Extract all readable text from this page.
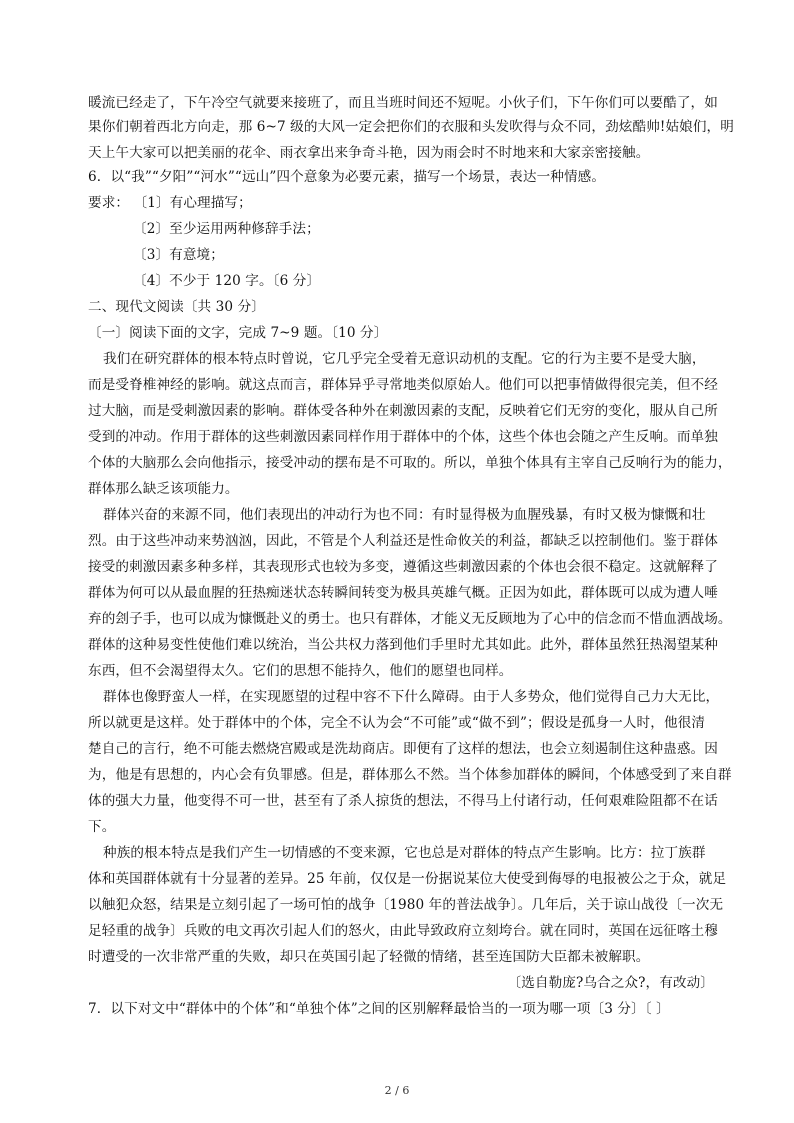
暖流已经走了，下午冷空气就要来接班了，而且当班时间还不短呢。小伙子们，下午你们可以要酷了，如
果你们朝着西北方向走，那 6~7 级的大风一定会把你们的衣服和头发吹得与众不同，劲炫酷帅!姑娘们，明
天上午大家可以把美丽的花伞、雨衣拿出来争奇斗艳，因为雨会时不时地来和大家亲密接触。
6．以“我”“夕阳”“河水”“远山”四个意象为必要元素，描写一个场景，表达一种情感。
要求： 〔1〕有心理描写；
〔2〕至少运用两种修辞手法；
〔3〕有意境；
〔4〕不少于 120 字。〔6 分〕
二、现代文阅读〔共 30 分〕
〔一〕阅读下面的文字，完成 7~9 题。〔10 分〕
我们在研究群体的根本特点时曾说，它几乎完全受着无意识动机的支配。它的行为主要不是受大脑，
而是受脊椎神经的影响。就这点而言，群体异乎寻常地类似原始人。他们可以把事情做得很完美，但不经
过大脑，而是受刺激因素的影响。群体受各种外在刺激因素的支配，反映着它们无穷的变化，服从自己所
受到的冲动。作用于群体的这些刺激因素同样作用于群体中的个体，这些个体也会随之产生反响。而单独
个体的大脑那么会向他指示，接受冲动的摆布是不可取的。所以，单独个体具有主宰自己反响行为的能力，
群体那么缺乏该项能力。
群体兴奋的来源不同，他们表现出的冲动行为也不同：有时显得极为血腥残暴，有时又极为慷慨和壮
烈。由于这些冲动来势汹汹，因此，不管是个人利益还是性命攸关的利益，都缺乏以控制他们。鉴于群体
接受的刺激因素多种多样，其表现形式也较为多变，遵循这些刺激因素的个体也会很不稳定。这就解释了
群体为何可以从最血腥的狂热痴迷状态转瞬间转变为极具英雄气概。正因为如此，群体既可以成为遭人唾
弃的刽子手，也可以成为慷慨赴义的勇士。也只有群体，才能义无反顾地为了心中的信念而不惜血洒战场。
群体的这种易变性使他们难以统治，当公共权力落到他们手里时尤其如此。此外，群体虽然狂热渴望某种
东西，但不会渴望得太久。它们的思想不能持久，他们的愿望也同样。
群体也像野蛮人一样，在实现愿望的过程中容不下什么障碍。由于人多势众，他们觉得自己力大无比，
所以就更是这样。处于群体中的个体，完全不认为会“不可能”或“做不到”；假设是孤身一人时，他很清
楚自己的言行，绝不可能去燃烧宫殿或是洗劫商店。即便有了这样的想法，也会立刻遏制住这种蛊惑。因
为，他是有思想的，内心会有负罪感。但是，群体那么不然。当个体参加群体的瞬间，个体感受到了来自群
体的强大力量，他变得不可一世，甚至有了杀人掠货的想法，不得马上付诸行动，任何艰难险阻都不在话
下。
种族的根本特点是我们产生一切情感的不变来源，它也总是对群体的特点产生影响。比方：拉丁族群
体和英国群体就有十分显著的差异。25 年前，仅仅是一份据说某位大使受到侮辱的电报被公之于众，就足
以触犯众怒，结果是立刻引起了一场可怕的战争〔1980 年的普法战争〕。几年后，关于谅山战役〔一次无
足轻重的战争〕兵败的电文再次引起人们的怒火，由此导致政府立刻垮台。就在同时，英国在远征喀土穆
时遭受的一次非常严重的失败，却只在英国引起了轻微的情绪，甚至连国防大臣都未被解职。
〔选自勒庞?乌合之众?，有改动〕
7．以下对文中“群体中的个体”和“单独个体”之间的区别解释最恰当的一项为哪一项〔3 分〕〔 〕
2 / 6
